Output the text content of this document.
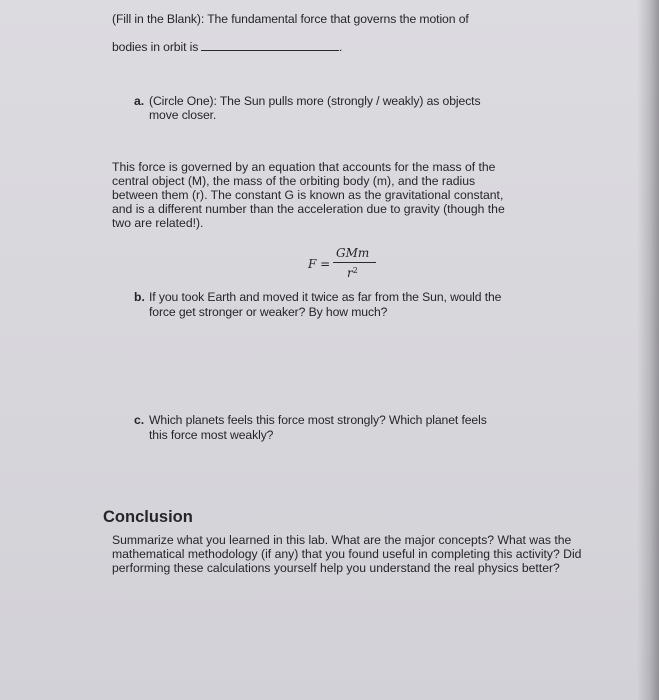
(Fill in the Blank): The fundamental force that governs the motion of
bodies in orbit is	.
a. (Circle One): The Sun pulls more (strongly / weakly) as objects
move closer.
This force is governed by an equation that accounts for the mass of the
central object (M), the mass of the orbiting body (m), and the radius
between them (r). The constant G is known as the gravitational constant,
and is a different number than the acceleration due to gravity (though the
two are related!).
F =
GMm
$r^2$
b. If you took Earth and moved it twice as far from the Sun, would the
force get stronger or weaker? By how much?
c. Which planets feels this force most strongly? Which planet feels
this force most weakly?
Conclusion
Summarize what you learned in this lab. What are the major concepts? What was the
mathematical methodology (if any) that you found useful in completing this activity? Did
performing these calculations yourself help you understand the real physics better?
